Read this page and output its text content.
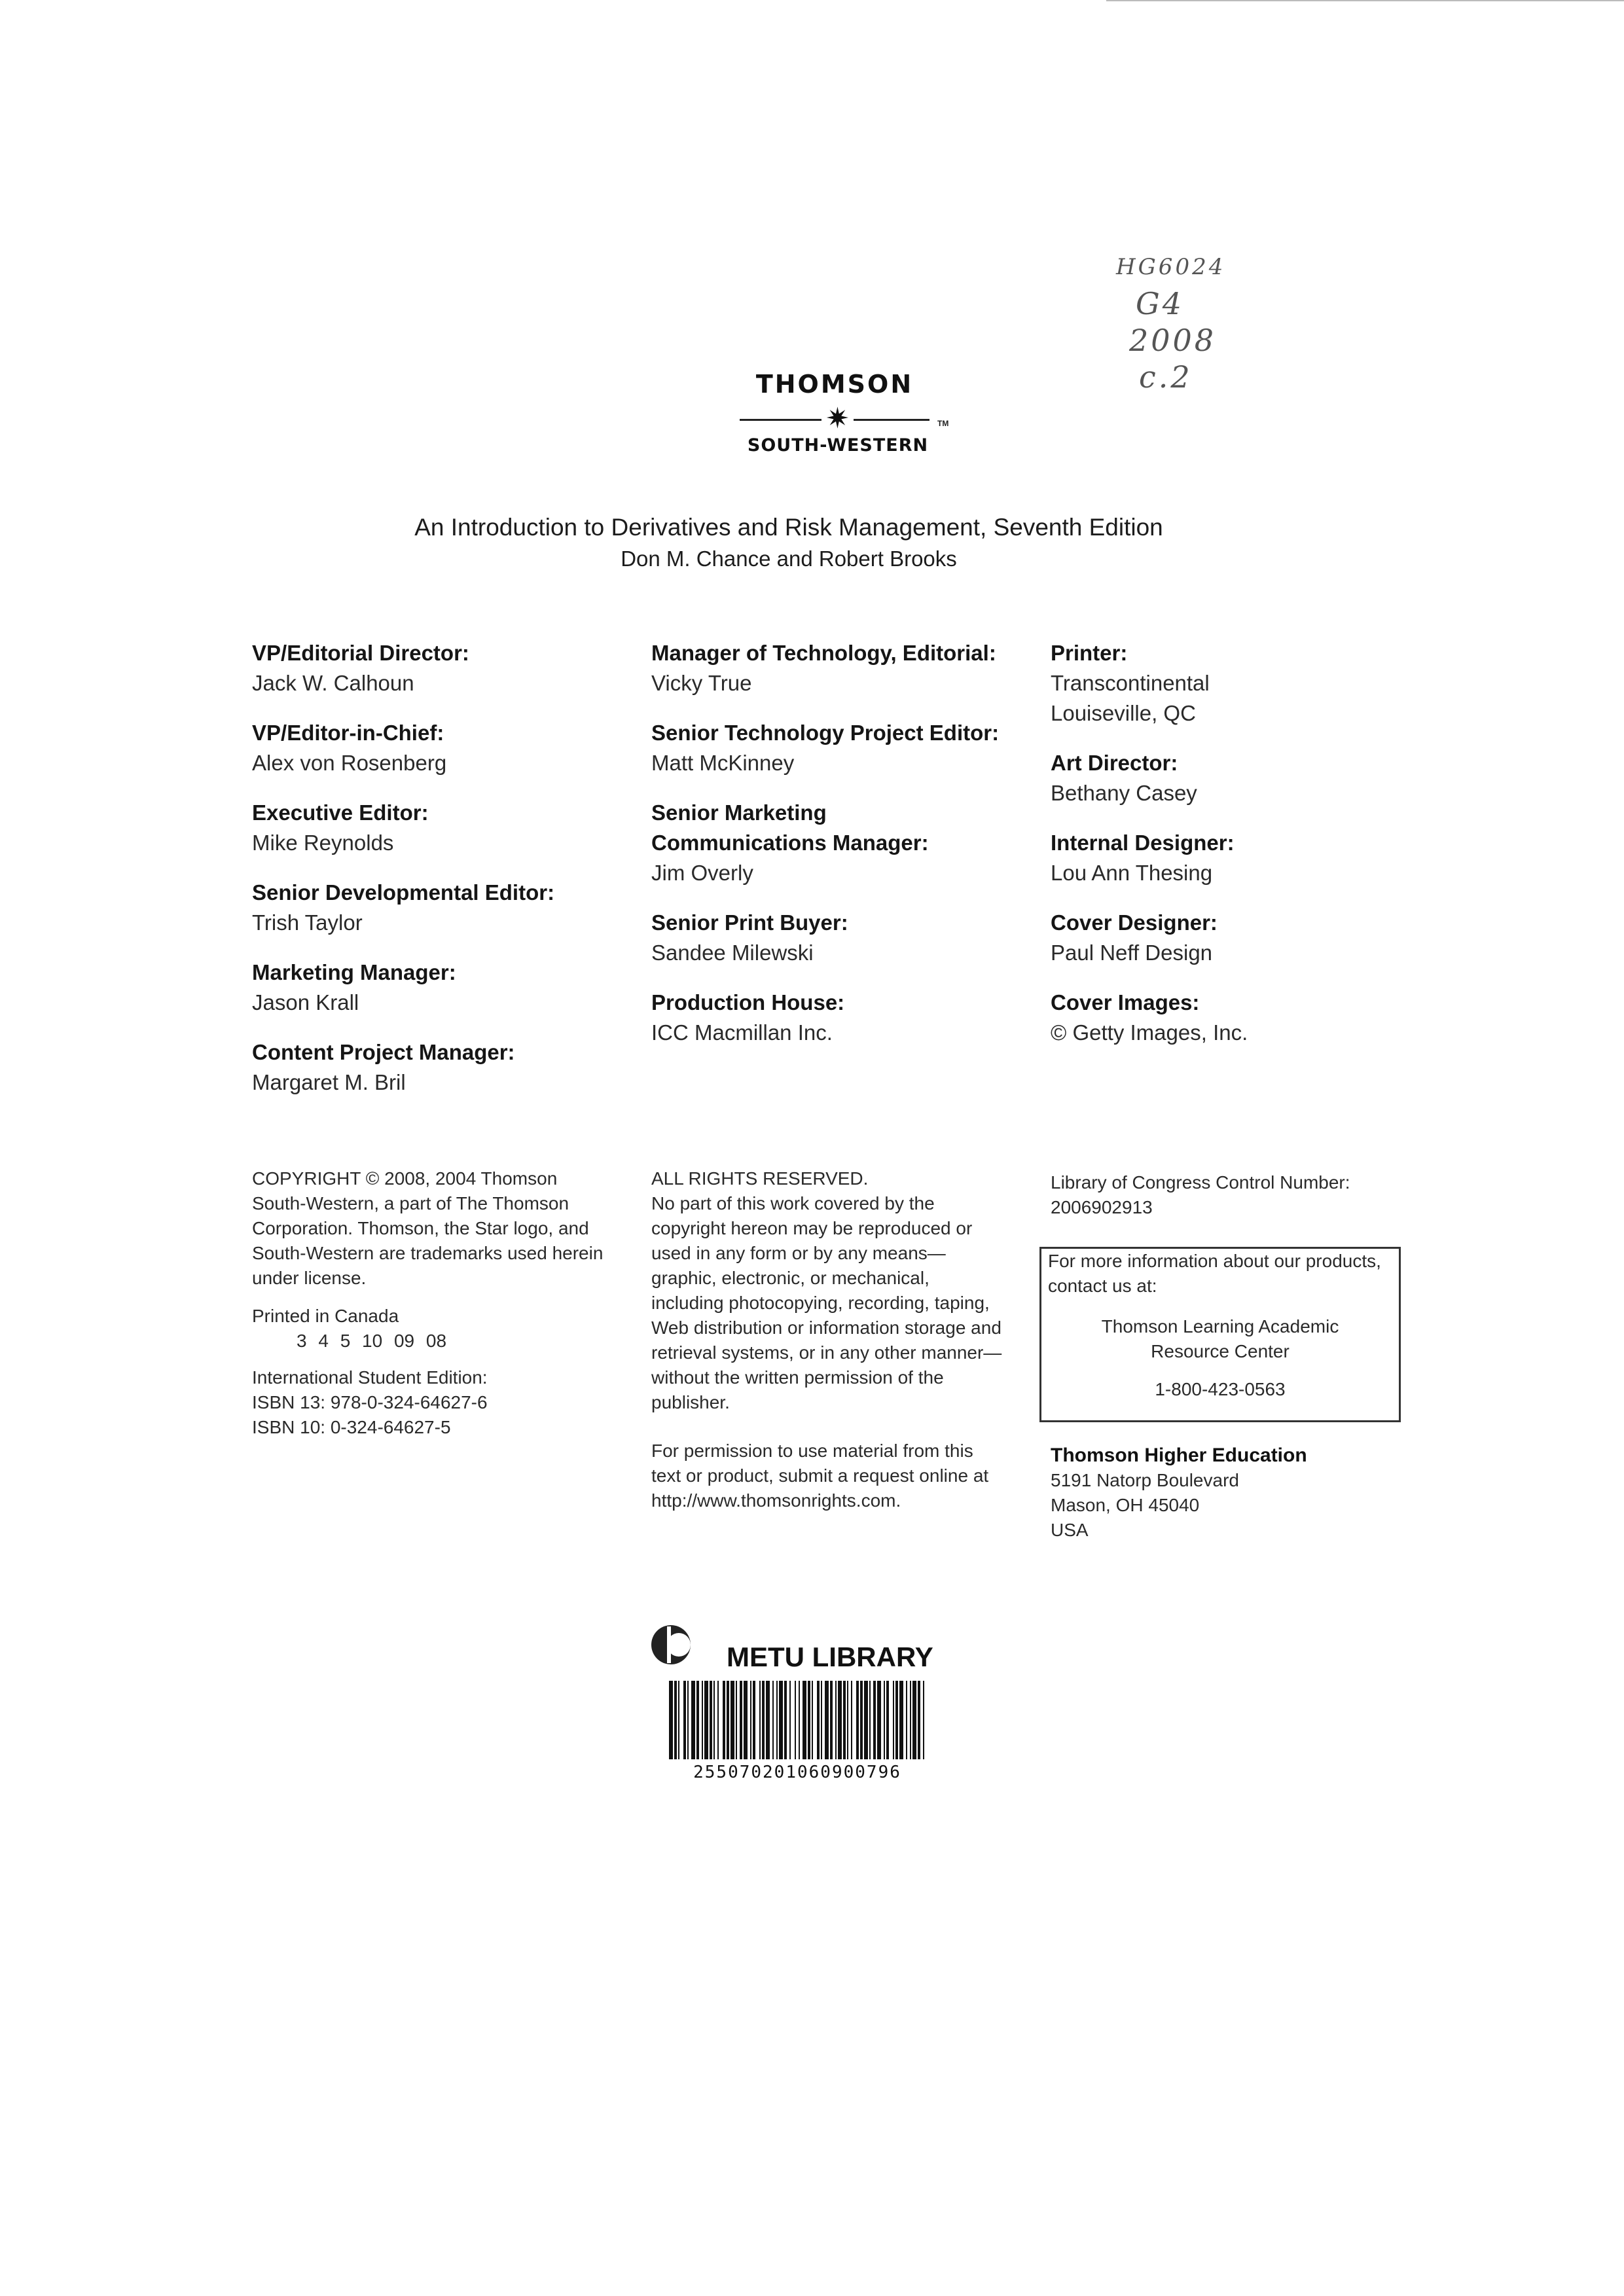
HG6024
G4
2008
c.2
THOMSON
✷	TM
SOUTH-WESTERN
An Introduction to Derivatives and Risk Management, Seventh Edition
Don M. Chance and Robert Brooks
VP/Editorial Director:
Jack W. Calhoun
VP/Editor-in-Chief:
Alex von Rosenberg
Executive Editor:
Mike Reynolds
Senior Developmental Editor:
Trish Taylor
Marketing Manager:
Jason Krall
Content Project Manager:
Margaret M. Bril
Manager of Technology, Editorial:
Vicky True
Senior Technology Project Editor:
Matt McKinney
Senior Marketing Communications Manager:
Jim Overly
Senior Print Buyer:
Sandee Milewski
Production House:
ICC Macmillan Inc.
Printer:
Transcontinental
Louiseville, QC
Art Director:
Bethany Casey
Internal Designer:
Lou Ann Thesing
Cover Designer:
Paul Neff Design
Cover Images:
© Getty Images, Inc.
COPYRIGHT © 2008, 2004 Thomson South-Western, a part of The Thomson Corporation. Thomson, the Star logo, and South-Western are trademarks used herein under license.
Printed in Canada
3 4 5 10 09 08
International Student Edition:
ISBN 13: 978-0-324-64627-6
ISBN 10: 0-324-64627-5
ALL RIGHTS RESERVED.
No part of this work covered by the copyright hereon may be reproduced or used in any form or by any means—graphic, electronic, or mechanical, including photocopying, recording, taping, Web distribution or information storage and retrieval systems, or in any other manner—without the written permission of the publisher.
For permission to use material from this text or product, submit a request online at http://www.thomsonrights.com.
Library of Congress Control Number:
2006902913
For more information about our products, contact us at:
Thomson Learning Academic Resource Center
1-800-423-0563
Thomson Higher Education
5191 Natorp Boulevard
Mason, OH 45040
USA
METU LIBRARY
255070201060900796
